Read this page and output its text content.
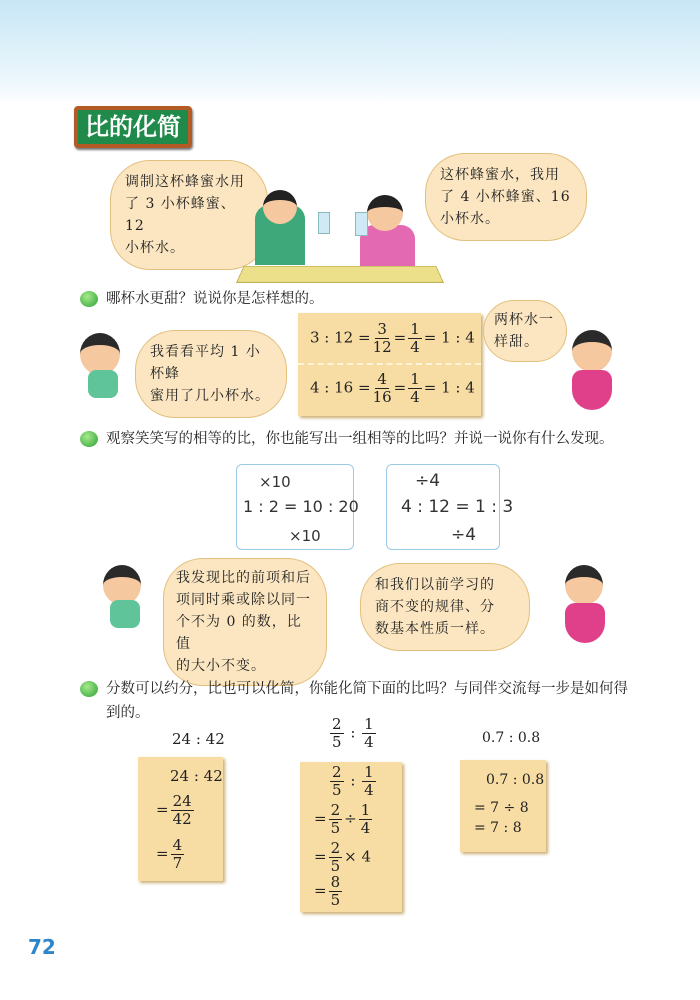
比的化简
调制这杯蜂蜜水用
了 3 小杯蜂蜜、12
小杯水。
这杯蜂蜜水，我用
了 4 小杯蜂蜜、16
小杯水。
哪杯水更甜？说说你是怎样想的。
我看看平均 1 小杯蜂
蜜用了几小杯水。
3 : $12 = \frac{3}{12} = \frac{1}{4} = 1$ : 4
4 : $16 = \frac{4}{16} = \frac{1}{4} = 1$ : 4
两杯水一
样甜。
观察笑笑写的相等的比，你也能写出一组相等的比吗？并说一说你有什么发现。
×10
1 : 2 = 10 : 20
×10
÷4
4 : 12 = 1 : 3
÷4
我发现比的前项和后
项同时乘或除以同一
个不为 0 的数，比值
的大小不变。
和我们以前学习的
商不变的规律、分
数基本性质一样。
分数可以约分，比也可以化简，你能化简下面的比吗？与同伴交流每一步是如何得到的。
24 : 42
24 : 42
= $\frac{24}{42}$
= $\frac{4}{7}$
$\frac{2}{5}$ : $\frac{1}{4}$
$\frac{2}{5}$ : $\frac{1}{4}$
= $\frac{2}{5} \div \frac{1}{4}$
= $\frac{2}{5} \times 4$
= $\frac{8}{5}$
0.7 : 0.8
0.7 : 0.8
= 7 ÷ 8
= 7 : 8
72
